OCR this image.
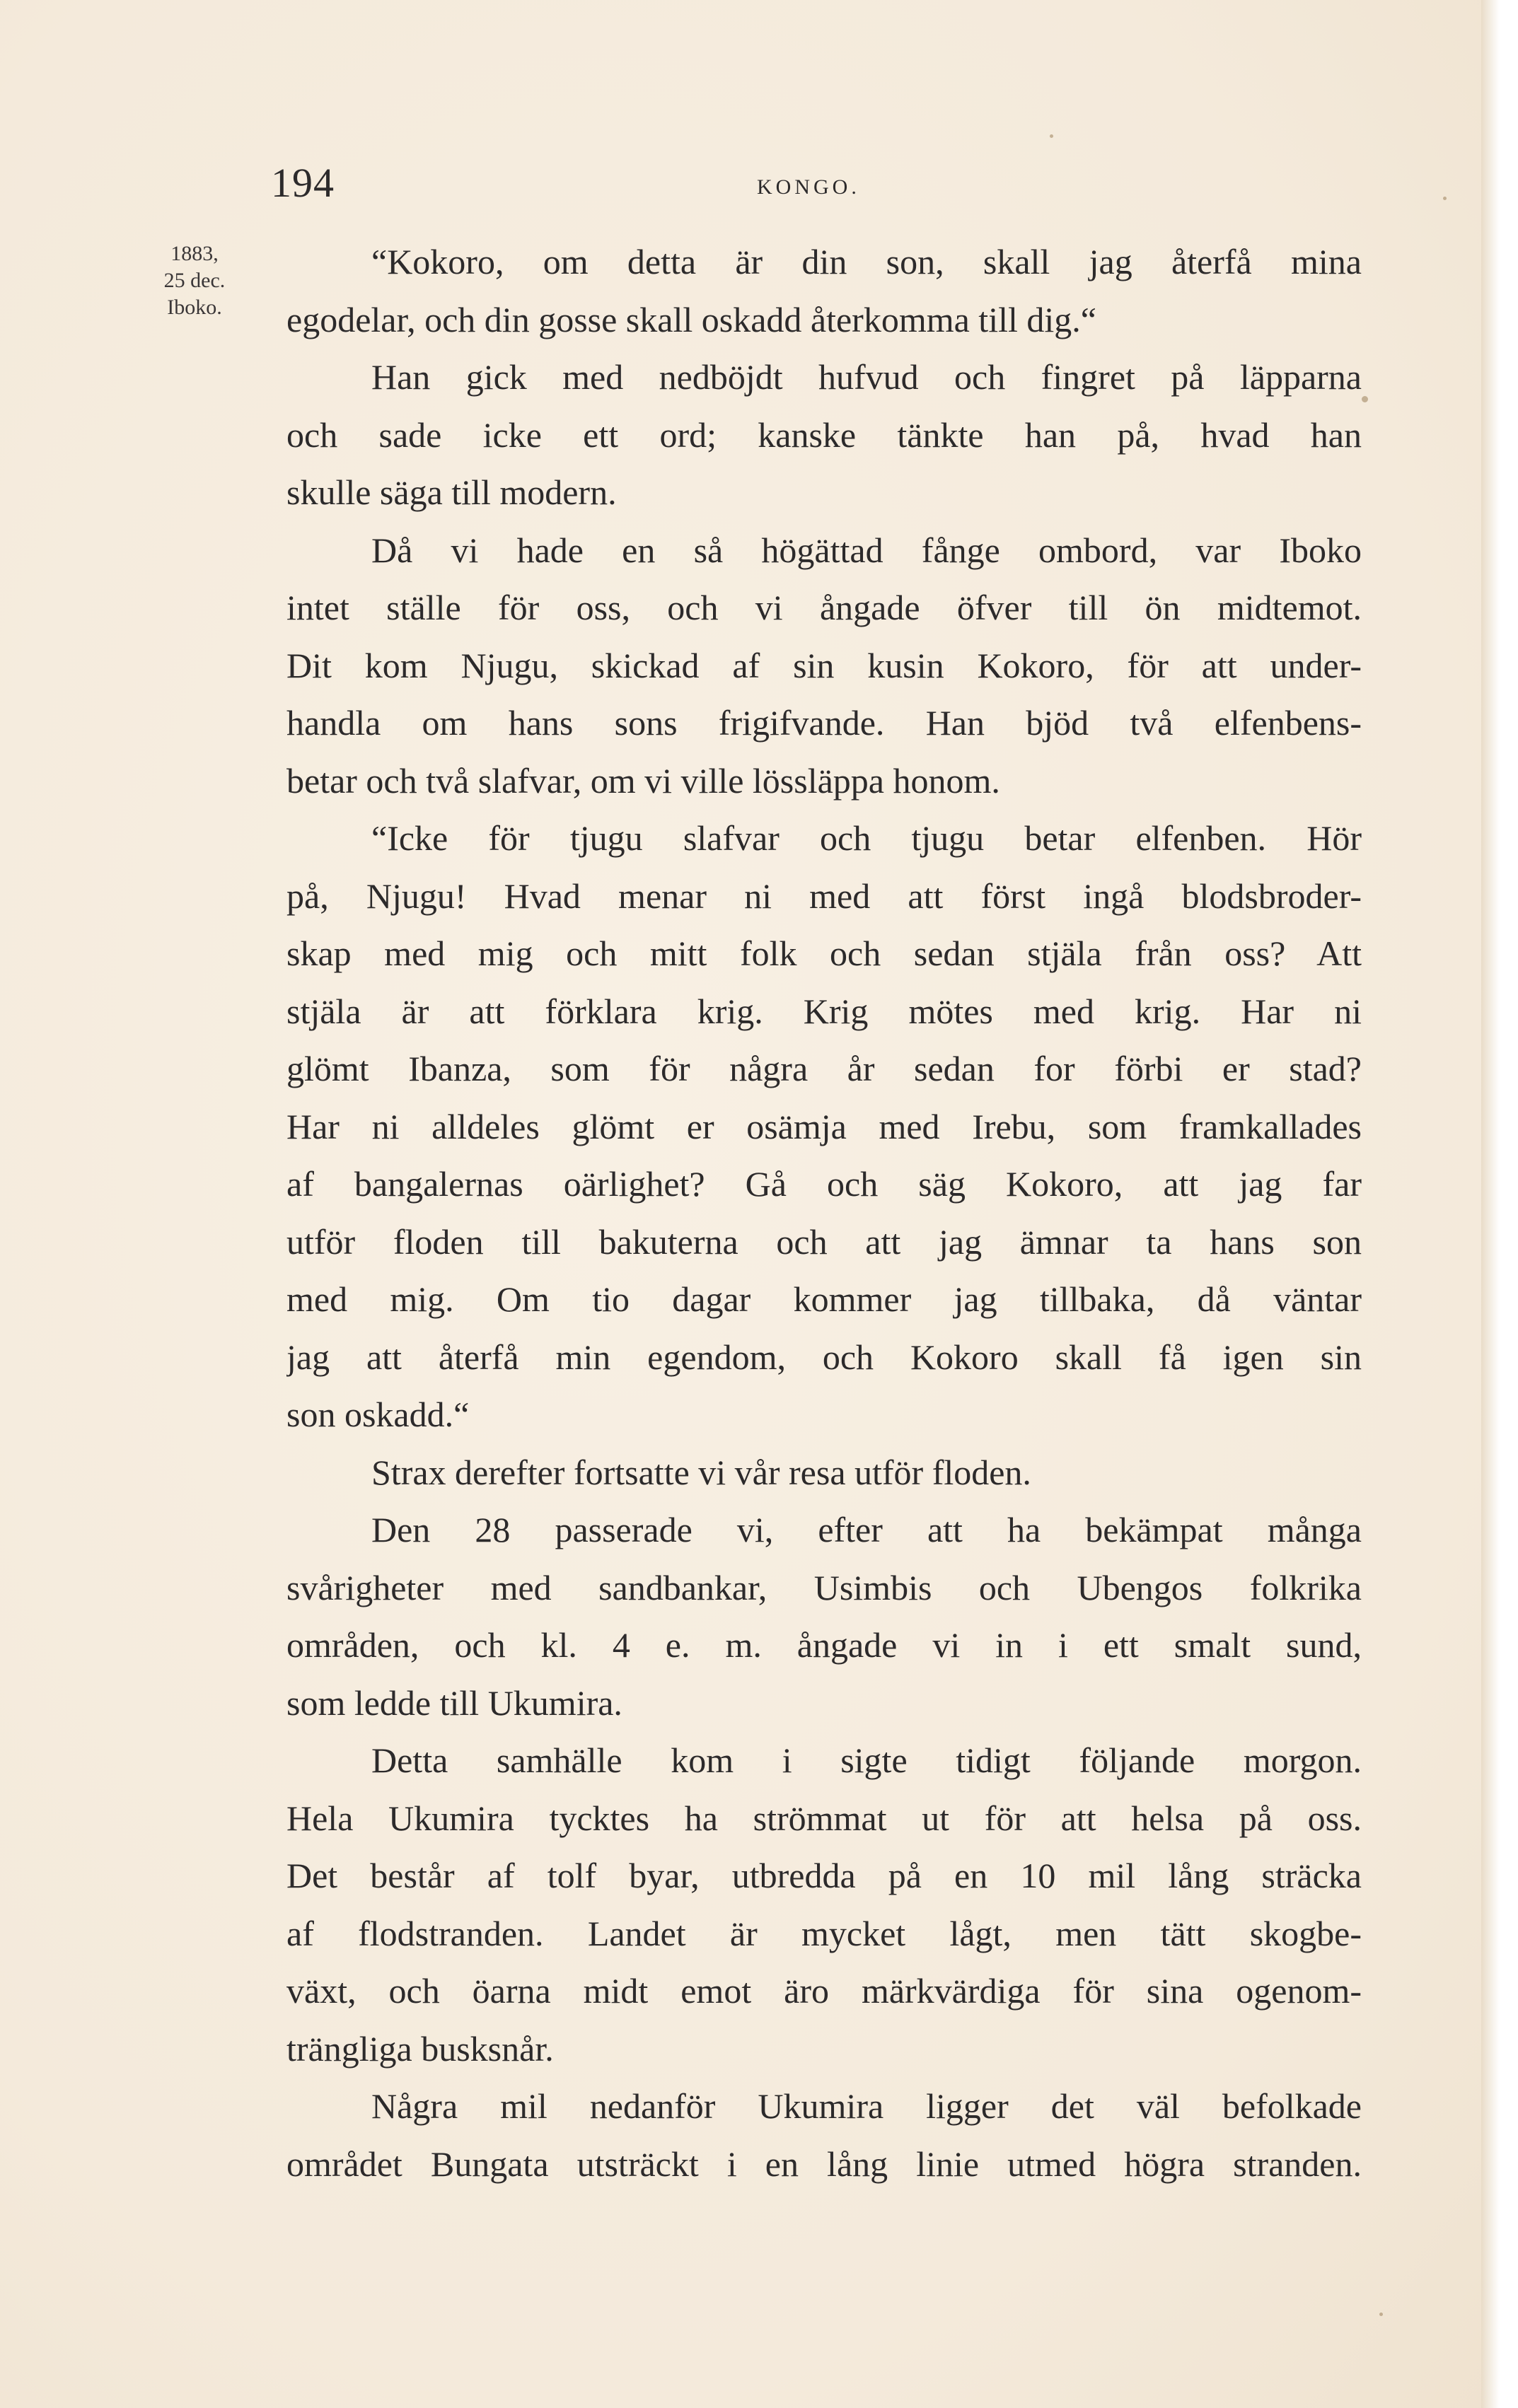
194	KONGO.
1883,
25 dec.
Iboko.
“Kokoro, om detta är din son, skall jag återfå mina
egodelar, och din gosse skall oskadd återkomma till dig.“
Han gick med nedböjdt hufvud och fingret på läpparna
och sade icke ett ord; kanske tänkte han på, hvad han
skulle säga till modern.
Då vi hade en så högättad fånge ombord, var Iboko
intet ställe för oss, och vi ångade öfver till ön midtemot.
Dit kom Njugu, skickad af sin kusin Kokoro, för att under-
handla om hans sons frigifvande. Han bjöd två elfenbens-
betar och två slafvar, om vi ville lössläppa honom.
“Icke för tjugu slafvar och tjugu betar elfenben. Hör
på, Njugu! Hvad menar ni med att först ingå blodsbroder-
skap med mig och mitt folk och sedan stjäla från oss? Att
stjäla är att förklara krig. Krig mötes med krig. Har ni
glömt Ibanza, som för några år sedan for förbi er stad?
Har ni alldeles glömt er osämja med Irebu, som framkallades
af bangalernas oärlighet? Gå och säg Kokoro, att jag far
utför floden till bakuterna och att jag ämnar ta hans son
med mig. Om tio dagar kommer jag tillbaka, då väntar
jag att återfå min egendom, och Kokoro skall få igen sin
son oskadd.“
Strax derefter fortsatte vi vår resa utför floden.
Den 28 passerade vi, efter att ha bekämpat många
svårigheter med sandbankar, Usimbis och Ubengos folkrika
områden, och kl. 4 e. m. ångade vi in i ett smalt sund,
som ledde till Ukumira.
Detta samhälle kom i sigte tidigt följande morgon.
Hela Ukumira tycktes ha strömmat ut för att helsa på oss.
Det består af tolf byar, utbredda på en 10 mil lång sträcka
af flodstranden. Landet är mycket lågt, men tätt skogbe-
växt, och öarna midt emot äro märkvärdiga för sina ogenom-
trängliga busksnår.
Några mil nedanför Ukumira ligger det väl befolkade
området Bungata utsträckt i en lång linie utmed högra stranden.
